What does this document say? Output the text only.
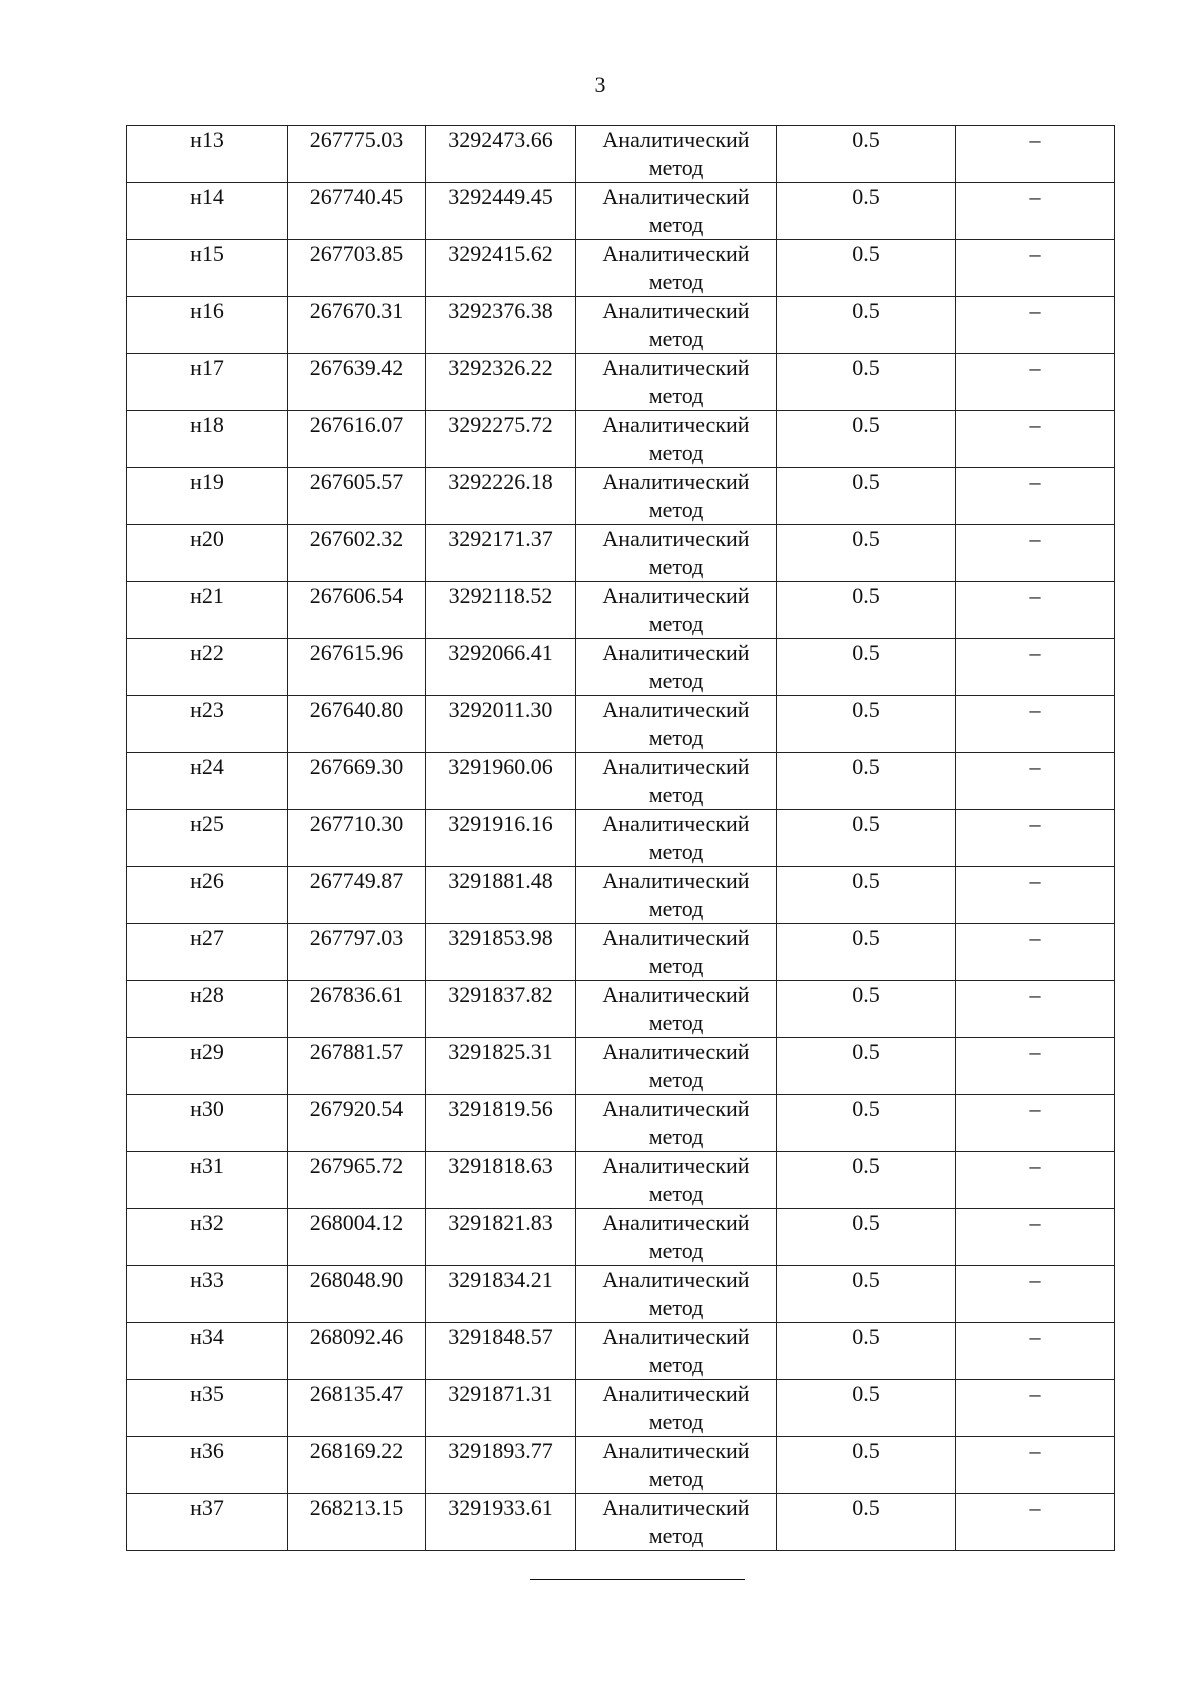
3
н13	267775.03	3292473.66	Аналитический метод	0.5	–

н14	267740.45	3292449.45	Аналитический метод	0.5	–

н15	267703.85	3292415.62	Аналитический метод	0.5	–

н16	267670.31	3292376.38	Аналитический метод	0.5	–

н17	267639.42	3292326.22	Аналитический метод	0.5	–

н18	267616.07	3292275.72	Аналитический метод	0.5	–

н19	267605.57	3292226.18	Аналитический метод	0.5	–

н20	267602.32	3292171.37	Аналитический метод	0.5	–

н21	267606.54	3292118.52	Аналитический метод	0.5	–

н22	267615.96	3292066.41	Аналитический метод	0.5	–

н23	267640.80	3292011.30	Аналитический метод	0.5	–

н24	267669.30	3291960.06	Аналитический метод	0.5	–

н25	267710.30	3291916.16	Аналитический метод	0.5	–

н26	267749.87	3291881.48	Аналитический метод	0.5	–

н27	267797.03	3291853.98	Аналитический метод	0.5	–

н28	267836.61	3291837.82	Аналитический метод	0.5	–

н29	267881.57	3291825.31	Аналитический метод	0.5	–

н30	267920.54	3291819.56	Аналитический метод	0.5	–

н31	267965.72	3291818.63	Аналитический метод	0.5	–

н32	268004.12	3291821.83	Аналитический метод	0.5	–

н33	268048.90	3291834.21	Аналитический метод	0.5	–

н34	268092.46	3291848.57	Аналитический метод	0.5	–

н35	268135.47	3291871.31	Аналитический метод	0.5	–

н36	268169.22	3291893.77	Аналитический метод	0.5	–

н37	268213.15	3291933.61	Аналитический метод	0.5	–
